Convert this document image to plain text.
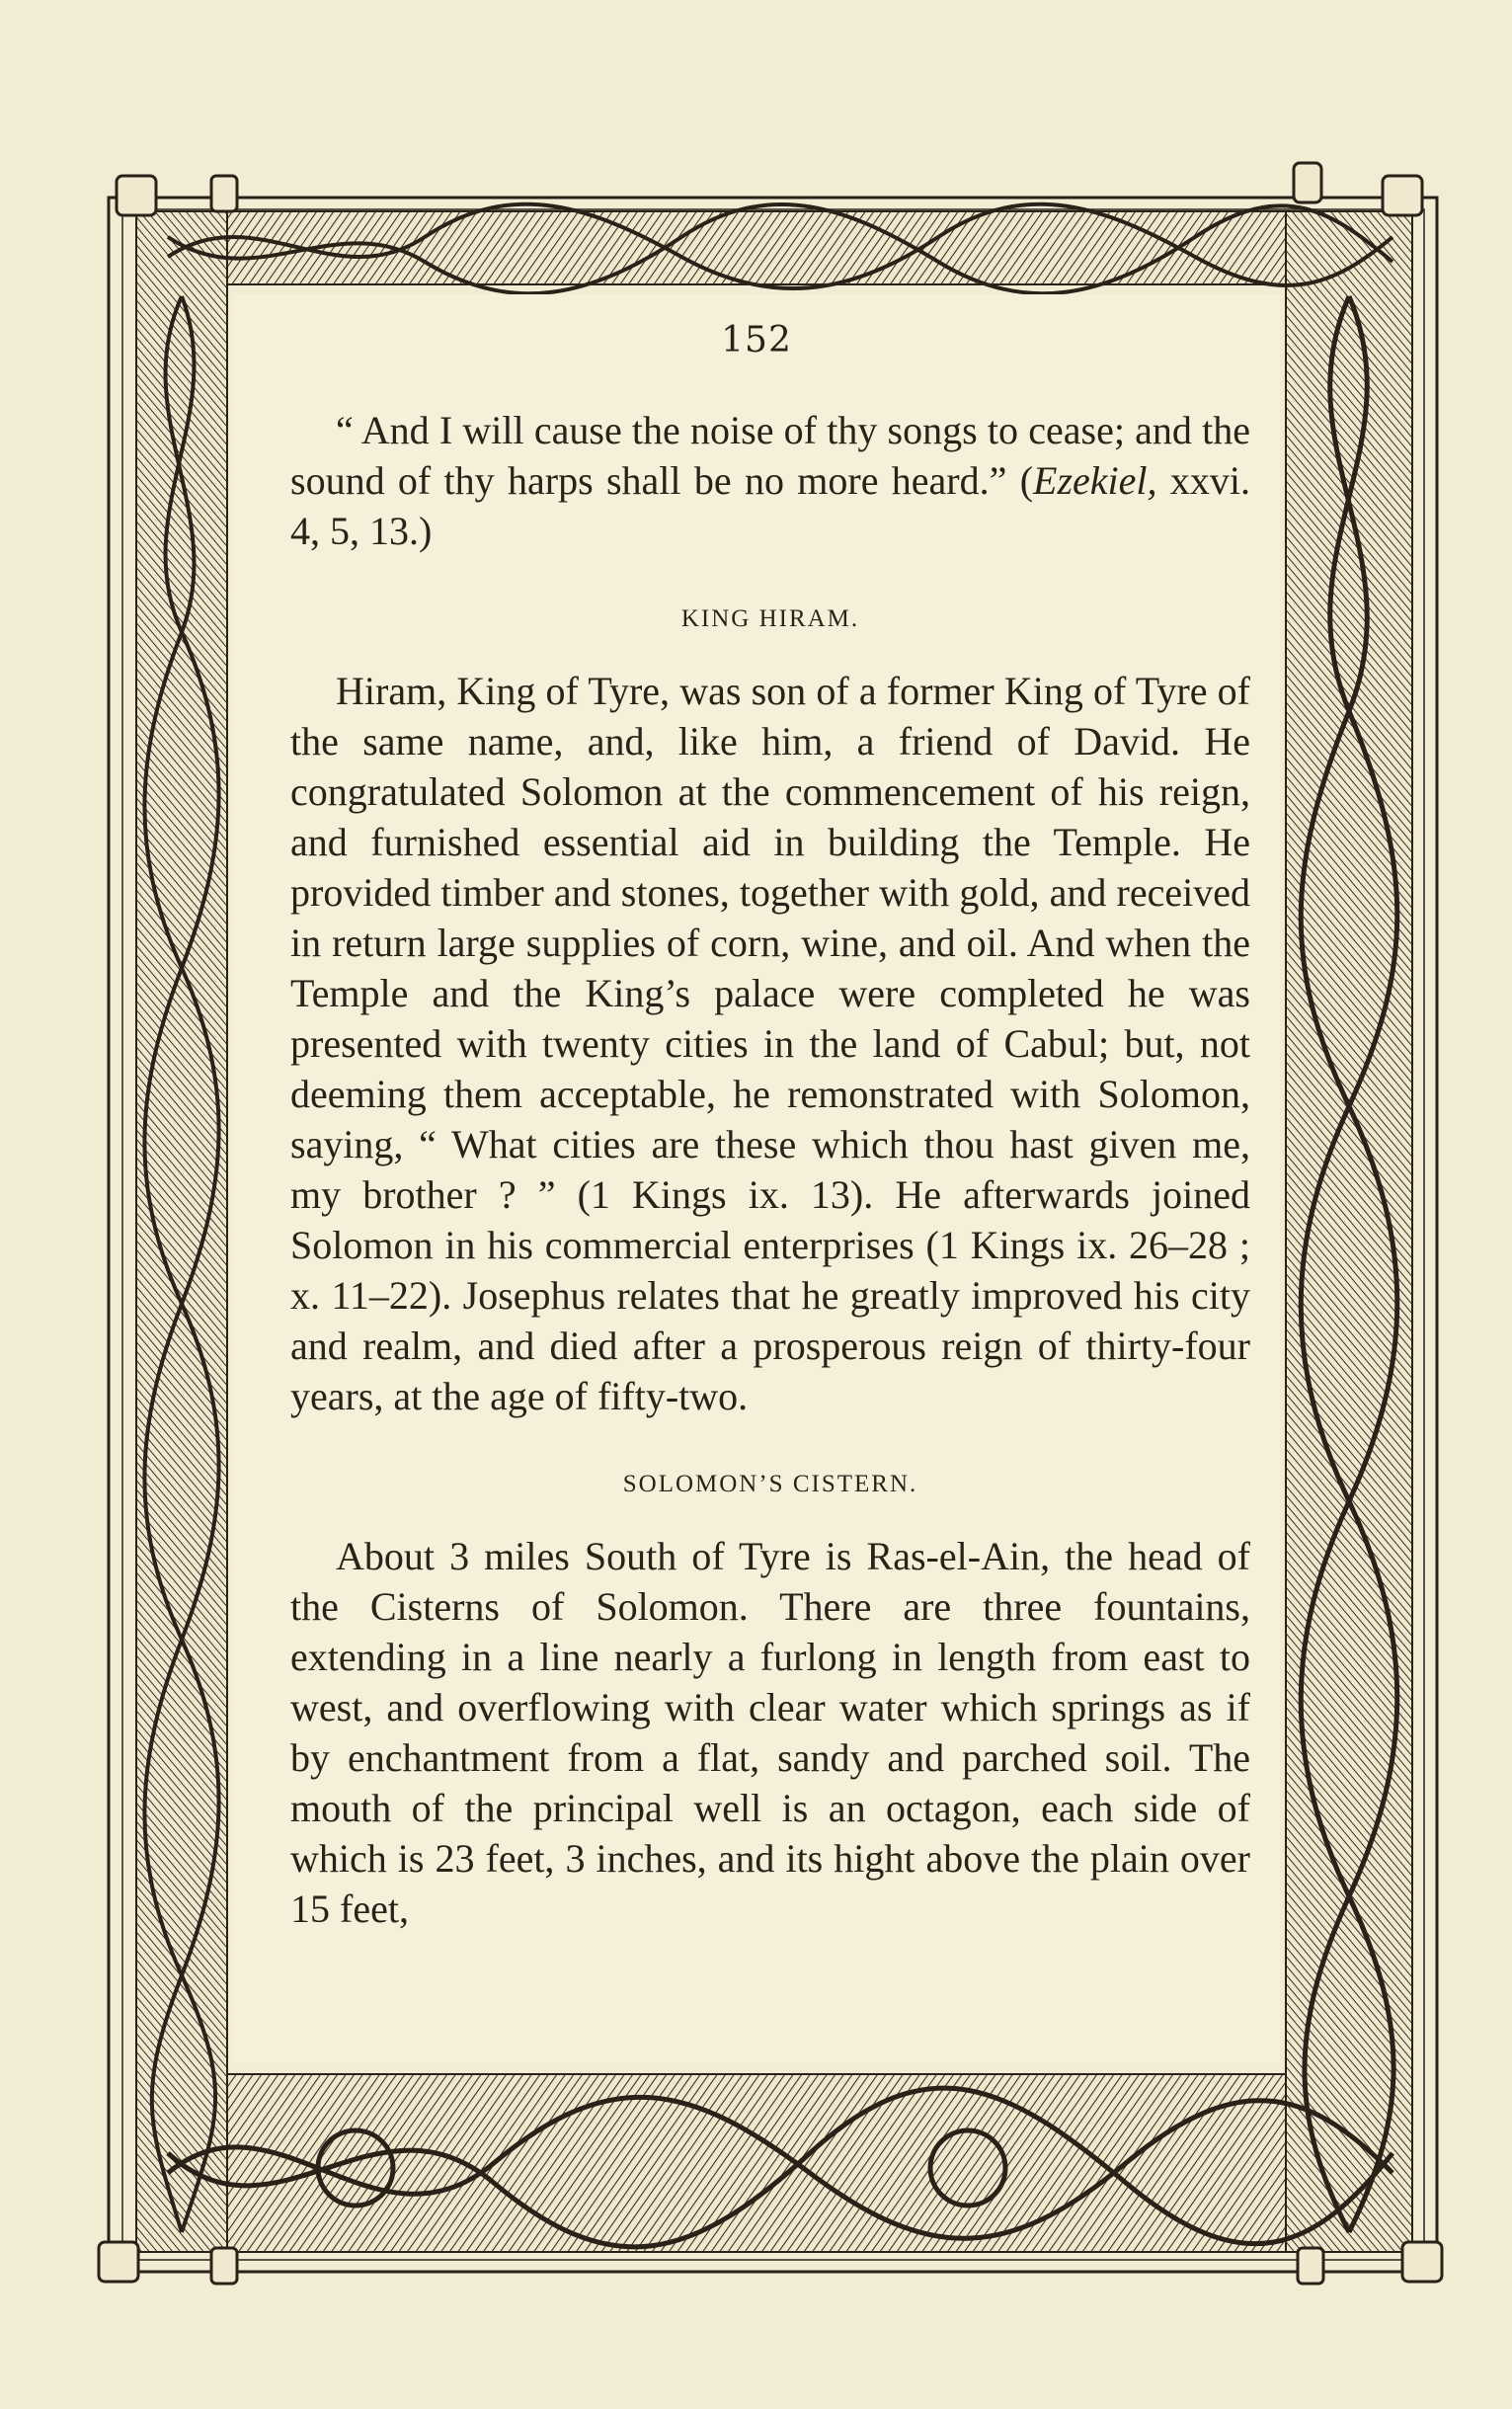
152

“ And I will cause the noise of thy songs to cease; and the sound of thy harps shall be no more heard.” (Ezekiel, xxvi. 4, 5, 13.)

KING HIRAM.

Hiram, King of Tyre, was son of a former King of Tyre of the same name, and, like him, a friend of David. He congratulated Solomon at the commencement of his reign, and furnished essential aid in building the Temple. He provided timber and stones, together with gold, and received in return large supplies of corn, wine, and oil. And when the Temple and the King’s palace were completed he was presented with twenty cities in the land of Cabul; but, not deeming them acceptable, he remonstrated with Solomon, saying, “ What cities are these which thou hast given me, my brother ? ” (1 Kings ix. 13). He afterwards joined Solomon in his commercial enterprises (1 Kings ix. 26–28 ; x. 11–22). Josephus relates that he greatly improved his city and realm, and died after a prosperous reign of thirty-four years, at the age of fifty-two.

SOLOMON’S CISTERN.

About 3 miles South of Tyre is Ras-el-Ain, the head of the Cisterns of Solomon. There are three fountains, extending in a line nearly a furlong in length from east to west, and overflowing with clear water which springs as if by enchantment from a flat, sandy and parched soil. The mouth of the principal well is an octagon, each side of which is 23 feet, 3 inches, and its hight above the plain over 15 feet,
